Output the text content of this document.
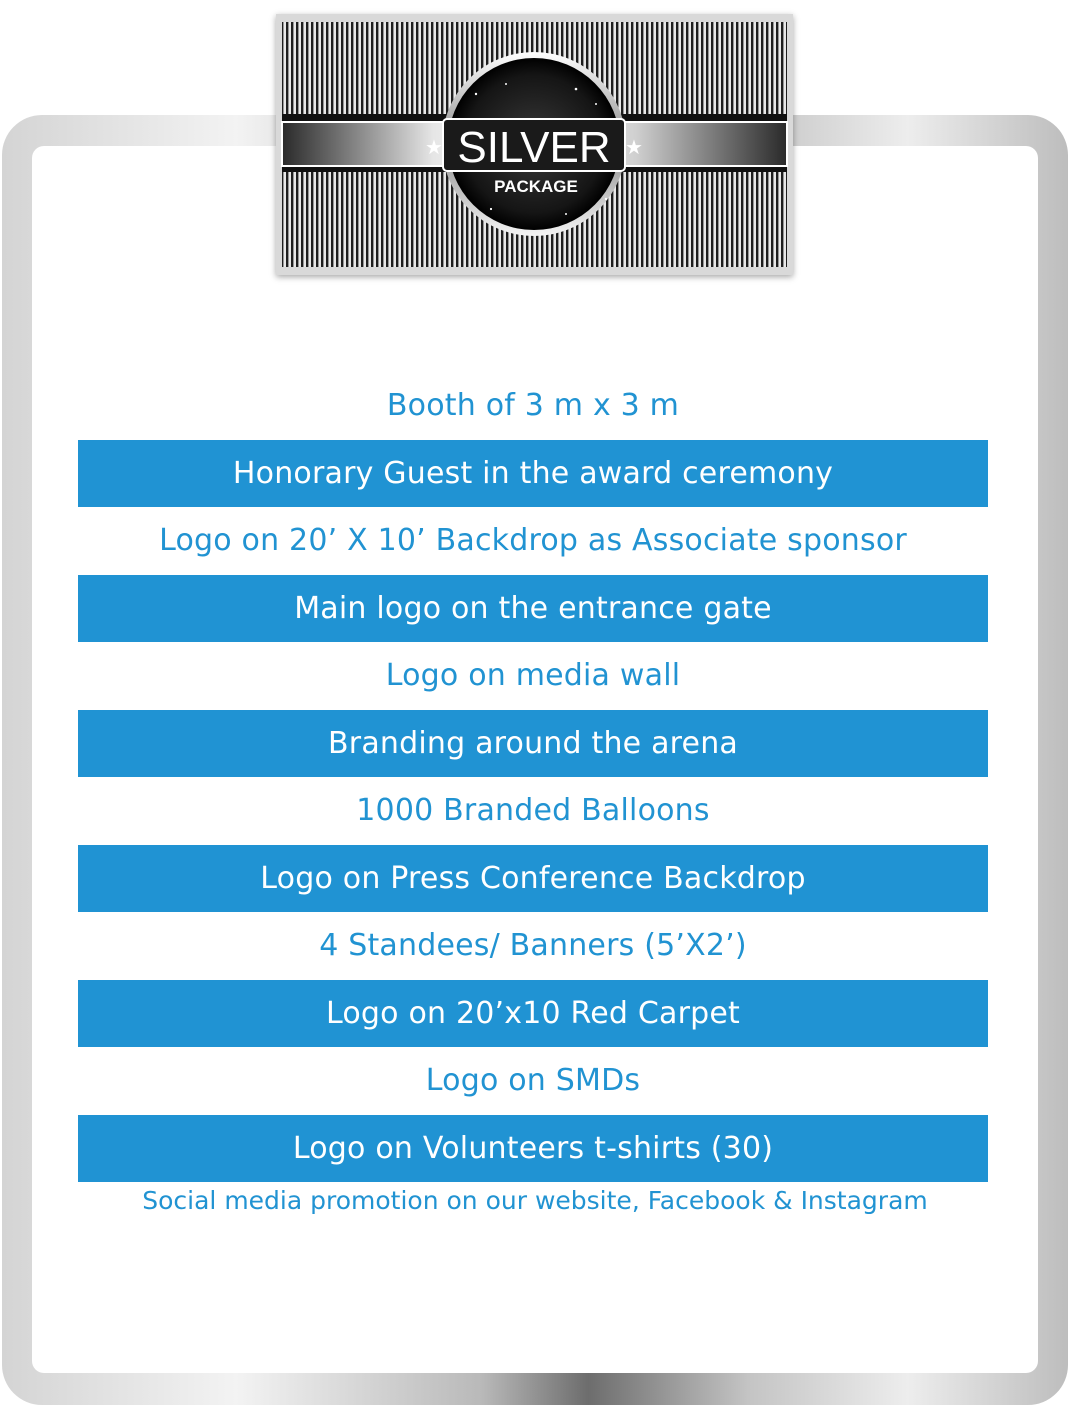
★	★
SILVER
PACKAGE
Booth of 3 m x 3 m
Honorary Guest in the award ceremony
Logo on 20’ X 10’ Backdrop as Associate sponsor
Main logo on the entrance gate
Logo on media wall
Branding around the arena
1000 Branded Balloons
Logo on Press Conference Backdrop
4 Standees/ Banners (5’X2’)
Logo on 20’x10 Red Carpet
Logo on SMDs
Logo on Volunteers t-shirts (30)
Social media promotion on our website, Facebook & Instagram
